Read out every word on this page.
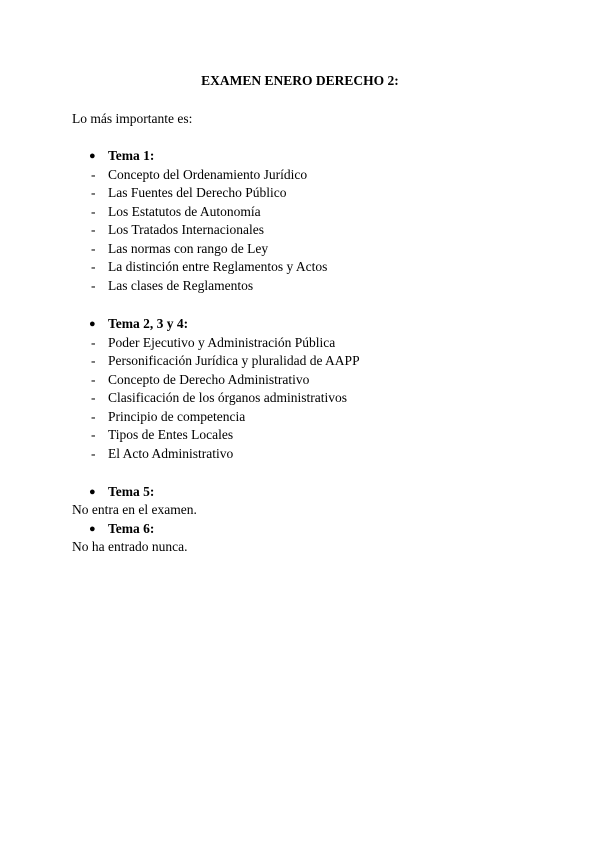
EXAMEN ENERO DERECHO 2:

Lo más importante es:

● Tema 1:
- Concepto del Ordenamiento Jurídico
- Las Fuentes del Derecho Público
- Los Estatutos de Autonomía
- Los Tratados Internacionales
- Las normas con rango de Ley
- La distinción entre Reglamentos y Actos
- Las clases de Reglamentos
● Tema 2, 3 y 4:
- Poder Ejecutivo y Administración Pública
- Personificación Jurídica y pluralidad de AAPP
- Concepto de Derecho Administrativo
- Clasificación de los órganos administrativos
- Principio de competencia
- Tipos de Entes Locales
- El Acto Administrativo
● Tema 5:

No entra en el examen.

● Tema 6:

No ha entrado nunca.
